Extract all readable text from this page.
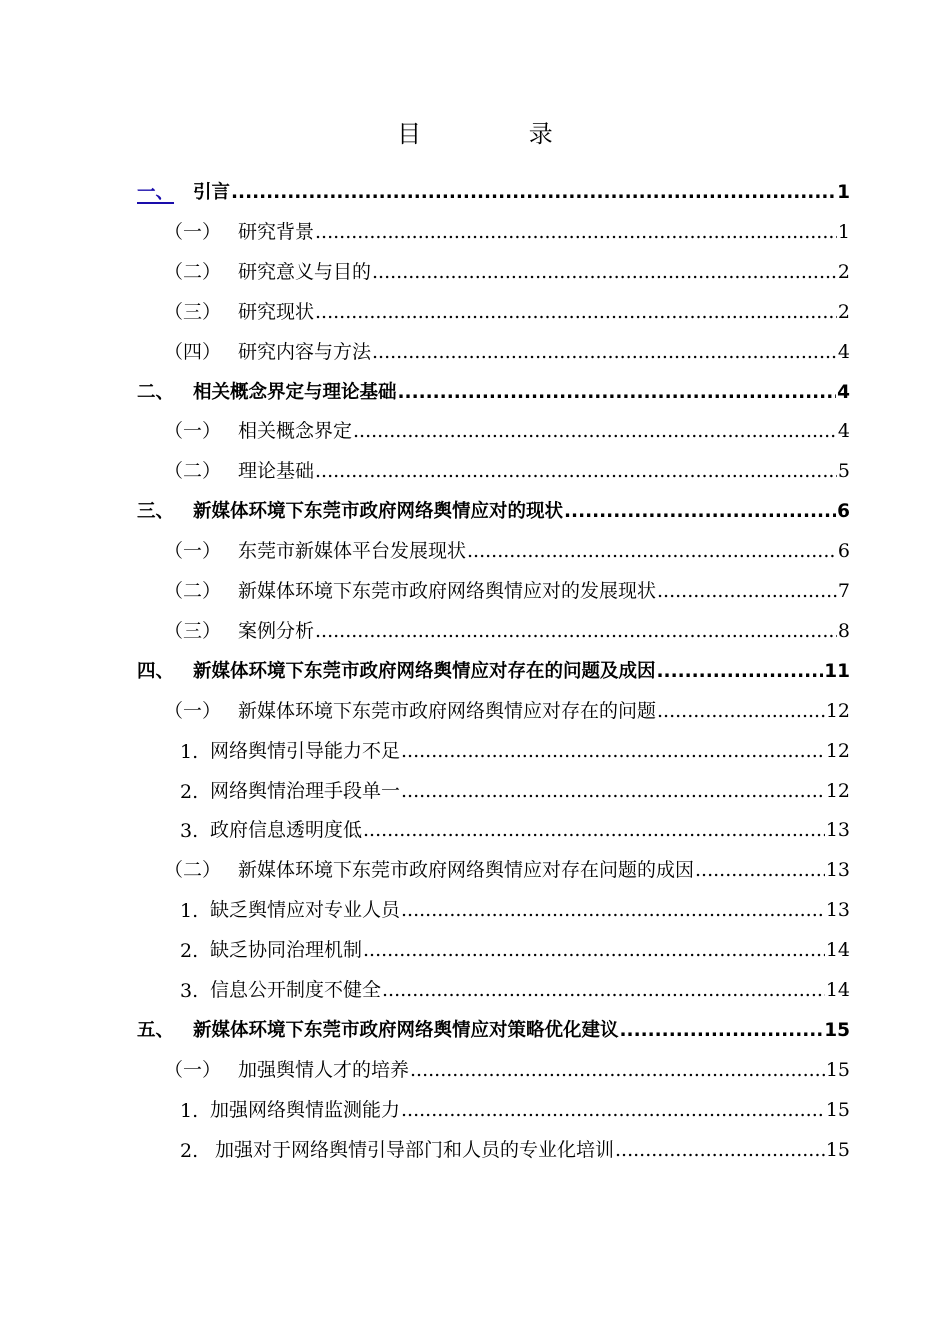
目 录
一、 引言 .....	1
（一） 研究背景 .....	1
（二） 研究意义与目的 .....	2
（三） 研究现状 .....	2
（四） 研究内容与方法 .....	4
二、 相关概念界定与理论基础 .....	4
（一） 相关概念界定 .....	4
（二） 理论基础 .....	5
三、 新媒体环境下东莞市政府网络舆情应对的现状 .....	6
（一） 东莞市新媒体平台发展现状 .....	6
（二） 新媒体环境下东莞市政府网络舆情应对的发展现状 .....	7
（三） 案例分析 .....	8
四、 新媒体环境下东莞市政府网络舆情应对存在的问题及成因 .....	11
（一） 新媒体环境下东莞市政府网络舆情应对存在的问题 .....	12
1. 网络舆情引导能力不足 .....	12
2. 网络舆情治理手段单一 .....	12
3. 政府信息透明度低 .....	13
（二） 新媒体环境下东莞市政府网络舆情应对存在问题的成因 .....	13
1. 缺乏舆情应对专业人员 .....	13
2. 缺乏协同治理机制 .....	14
3. 信息公开制度不健全 .....	14
五、 新媒体环境下东莞市政府网络舆情应对策略优化建议 .....	15
（一） 加强舆情人才的培养 .....	15
1. 加强网络舆情监测能力 .....	15
2. 加强对于网络舆情引导部门和人员的专业化培训 .....	15
